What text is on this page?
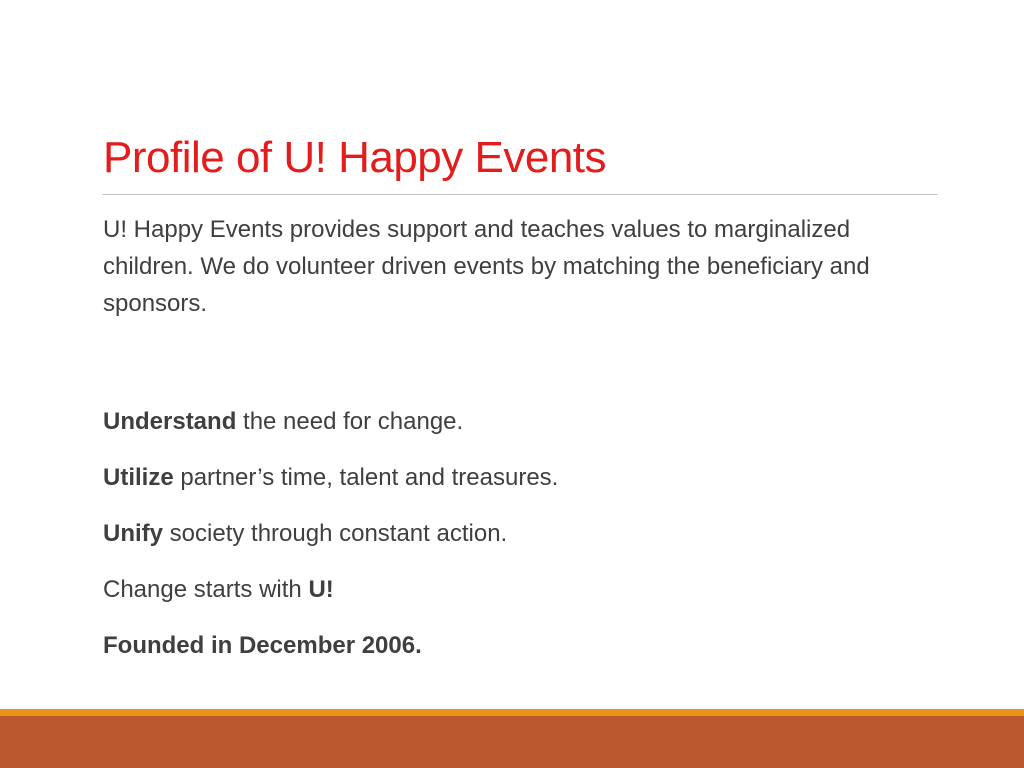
Profile of U! Happy Events

U! Happy Events provides support and teaches values to marginalized children. We do volunteer driven events by matching the beneficiary and sponsors.

Understand the need for change.

Utilize partner’s time, talent and treasures.

Unify society through constant action.

Change starts with U!

Founded in December 2006.
